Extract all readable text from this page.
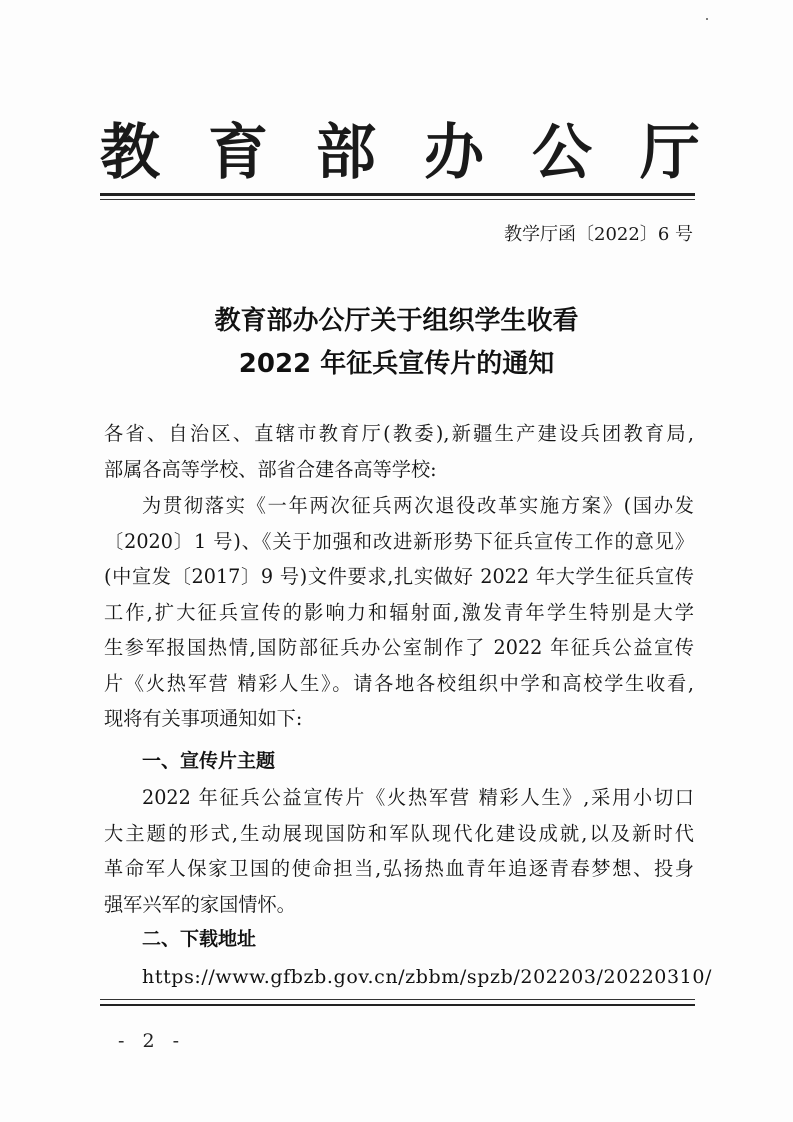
教 育 部 办 公 厅
教学厅函〔2022〕6 号
教育部办公厅关于组织学生收看
2022 年征兵宣传片的通知

各省、自治区、直辖市教育厅(教委),新疆生产建设兵团教育局,

部属各高等学校、部省合建各高等学校:

为贯彻落实《一年两次征兵两次退役改革实施方案》(国办发

〔2020〕1 号)、《关于加强和改进新形势下征兵宣传工作的意见》

(中宣发〔2017〕9 号)文件要求,扎实做好 2022 年大学生征兵宣传

工作,扩大征兵宣传的影响力和辐射面,激发青年学生特别是大学

生参军报国热情,国防部征兵办公室制作了 2022 年征兵公益宣传

片《火热军营 精彩人生》。请各地各校组织中学和高校学生收看,

现将有关事项通知如下:

一、宣传片主题

2022 年征兵公益宣传片《火热军营 精彩人生》,采用小切口

大主题的形式,生动展现国防和军队现代化建设成就,以及新时代

革命军人保家卫国的使命担当,弘扬热血青年追逐青春梦想、投身

强军兴军的家国情怀。

二、下载地址
https://www.gfbzb.gov.cn/zbbm/spzb/202203/20220310/
- 2 -
